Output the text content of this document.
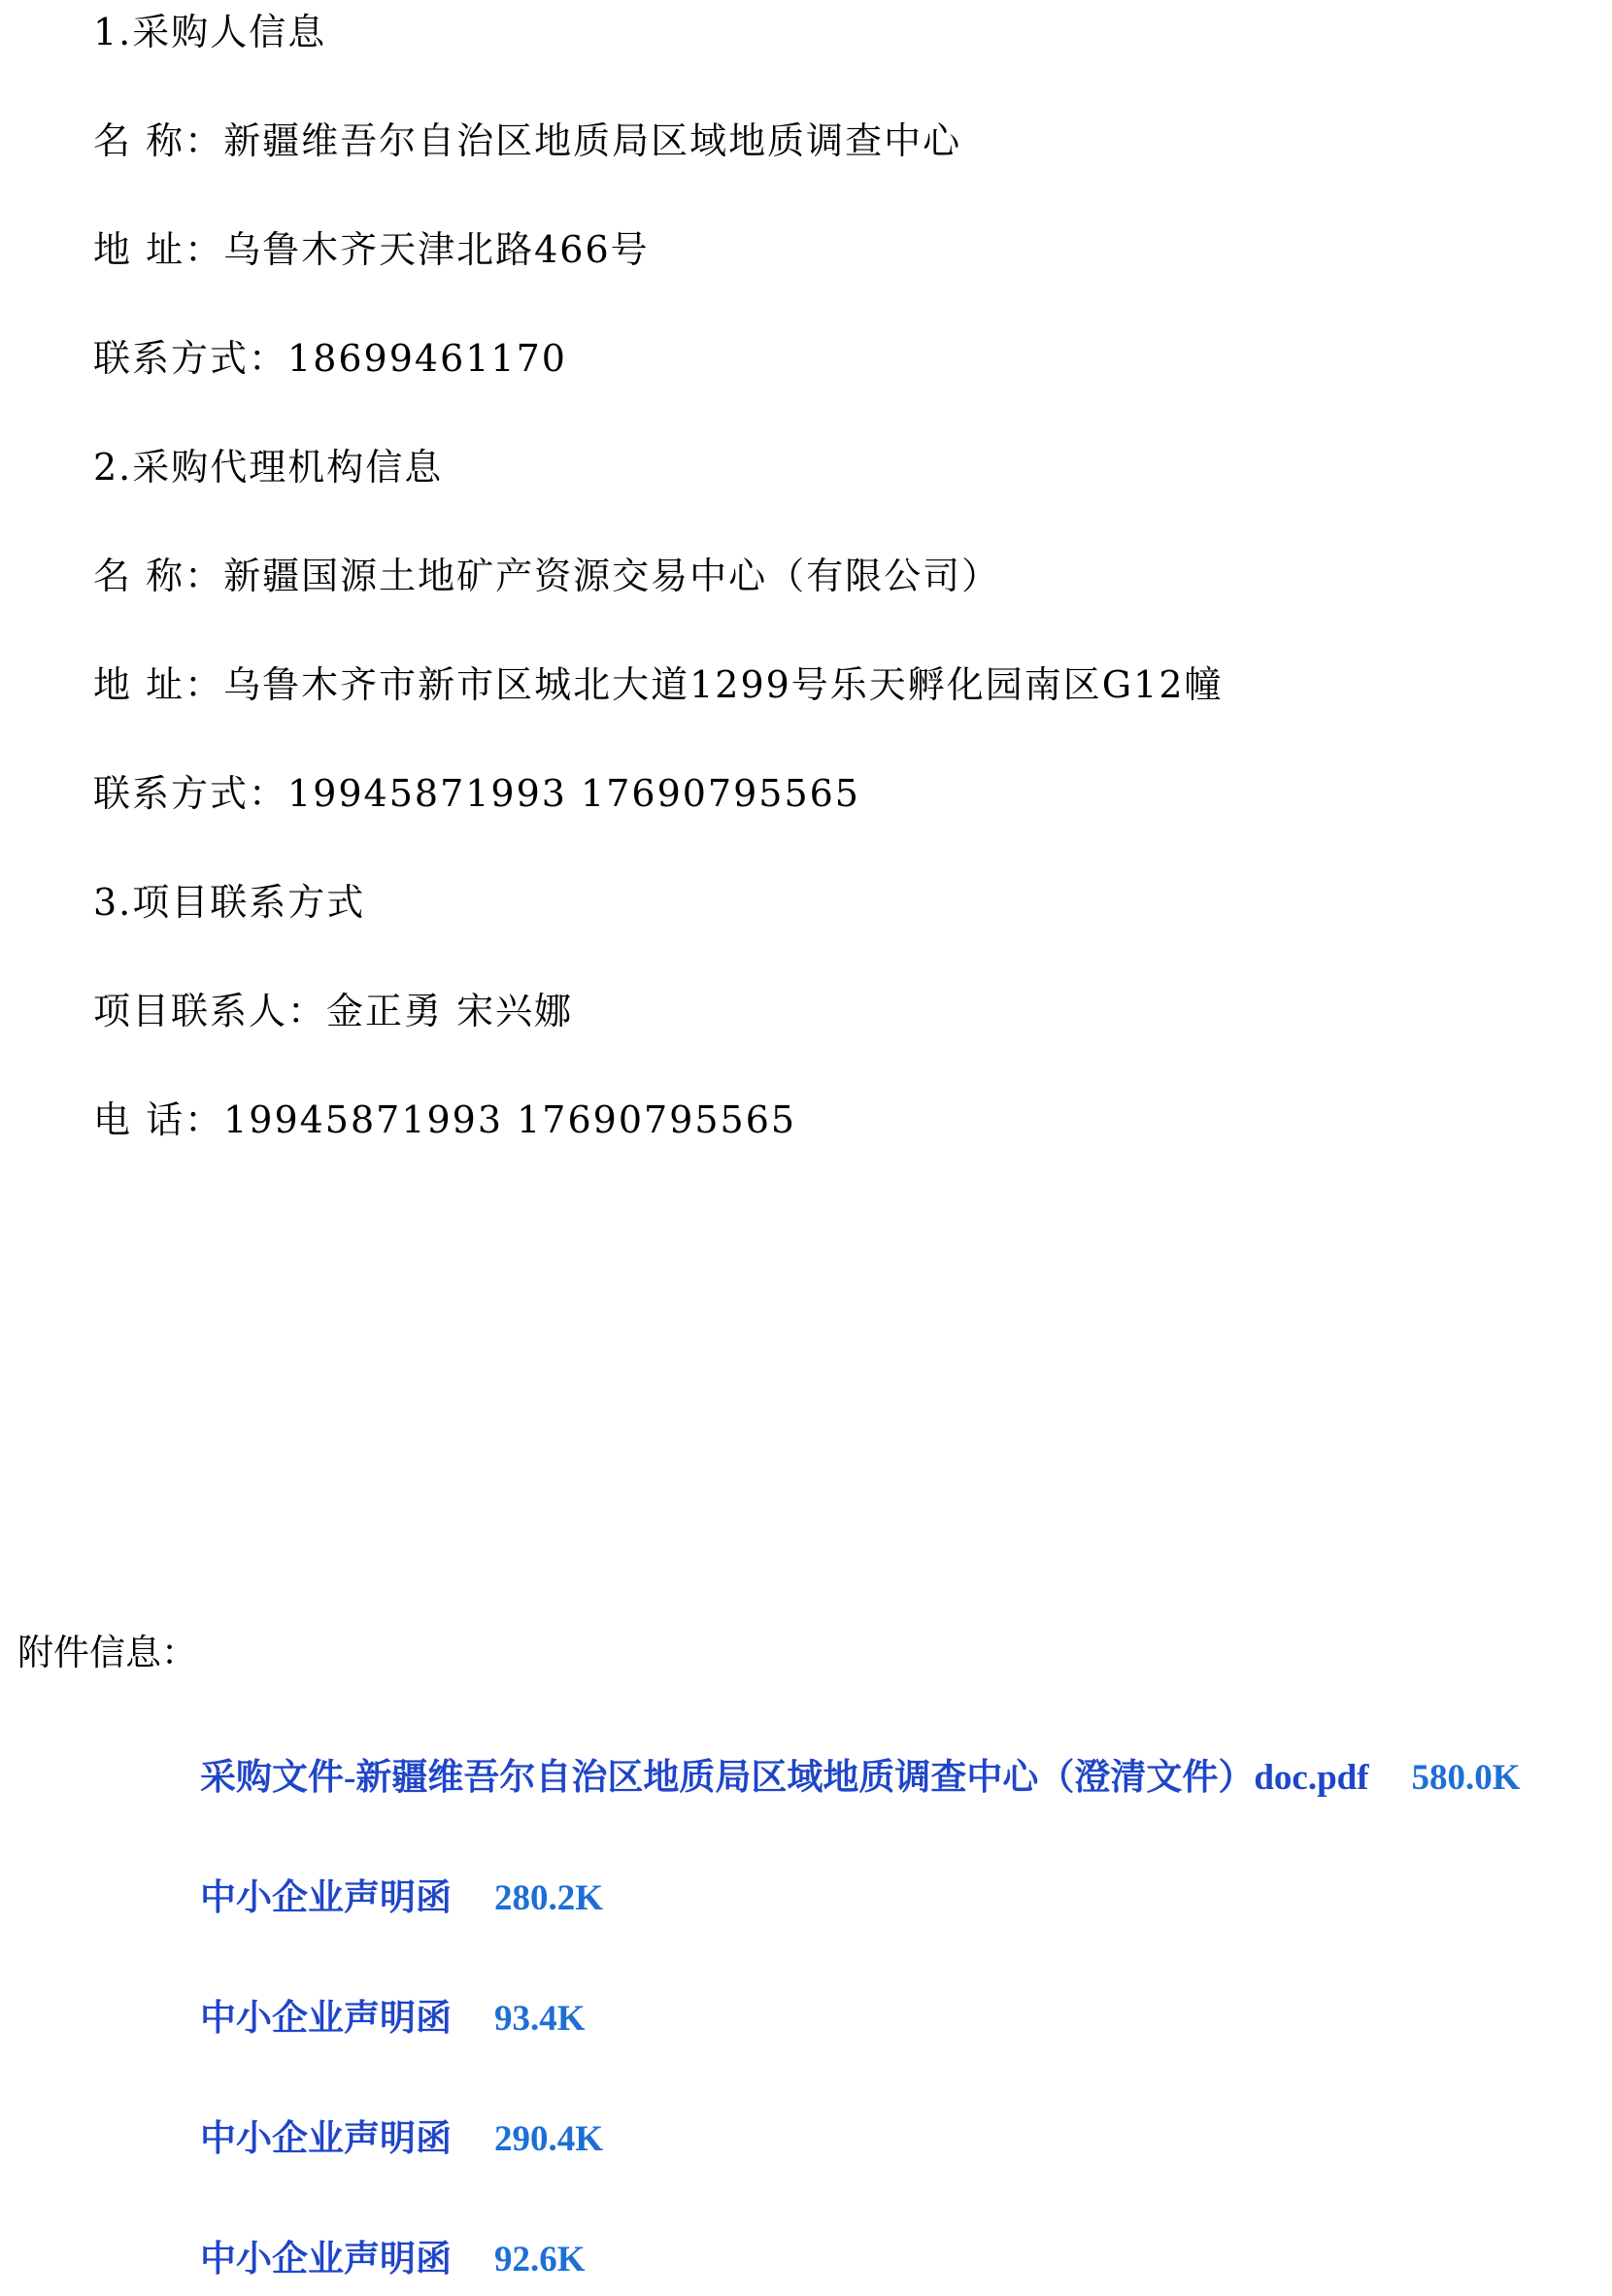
1.采购人信息
名 称：新疆维吾尔自治区地质局区域地质调查中心
地 址：乌鲁木齐天津北路466号
联系方式：18699461170
2.采购代理机构信息
名 称：新疆国源土地矿产资源交易中心（有限公司）
地 址：乌鲁木齐市新市区城北大道1299号乐天孵化园南区G12幢
联系方式：19945871993 17690795565
3.项目联系方式
项目联系人：金正勇 宋兴娜
电 话：19945871993 17690795565
附件信息：
采购文件-新疆维吾尔自治区地质局区域地质调查中心（澄清文件）doc.pdf 580.0K
中小企业声明函 280.2K
中小企业声明函 93.4K
中小企业声明函 290.4K
中小企业声明函 92.6K
